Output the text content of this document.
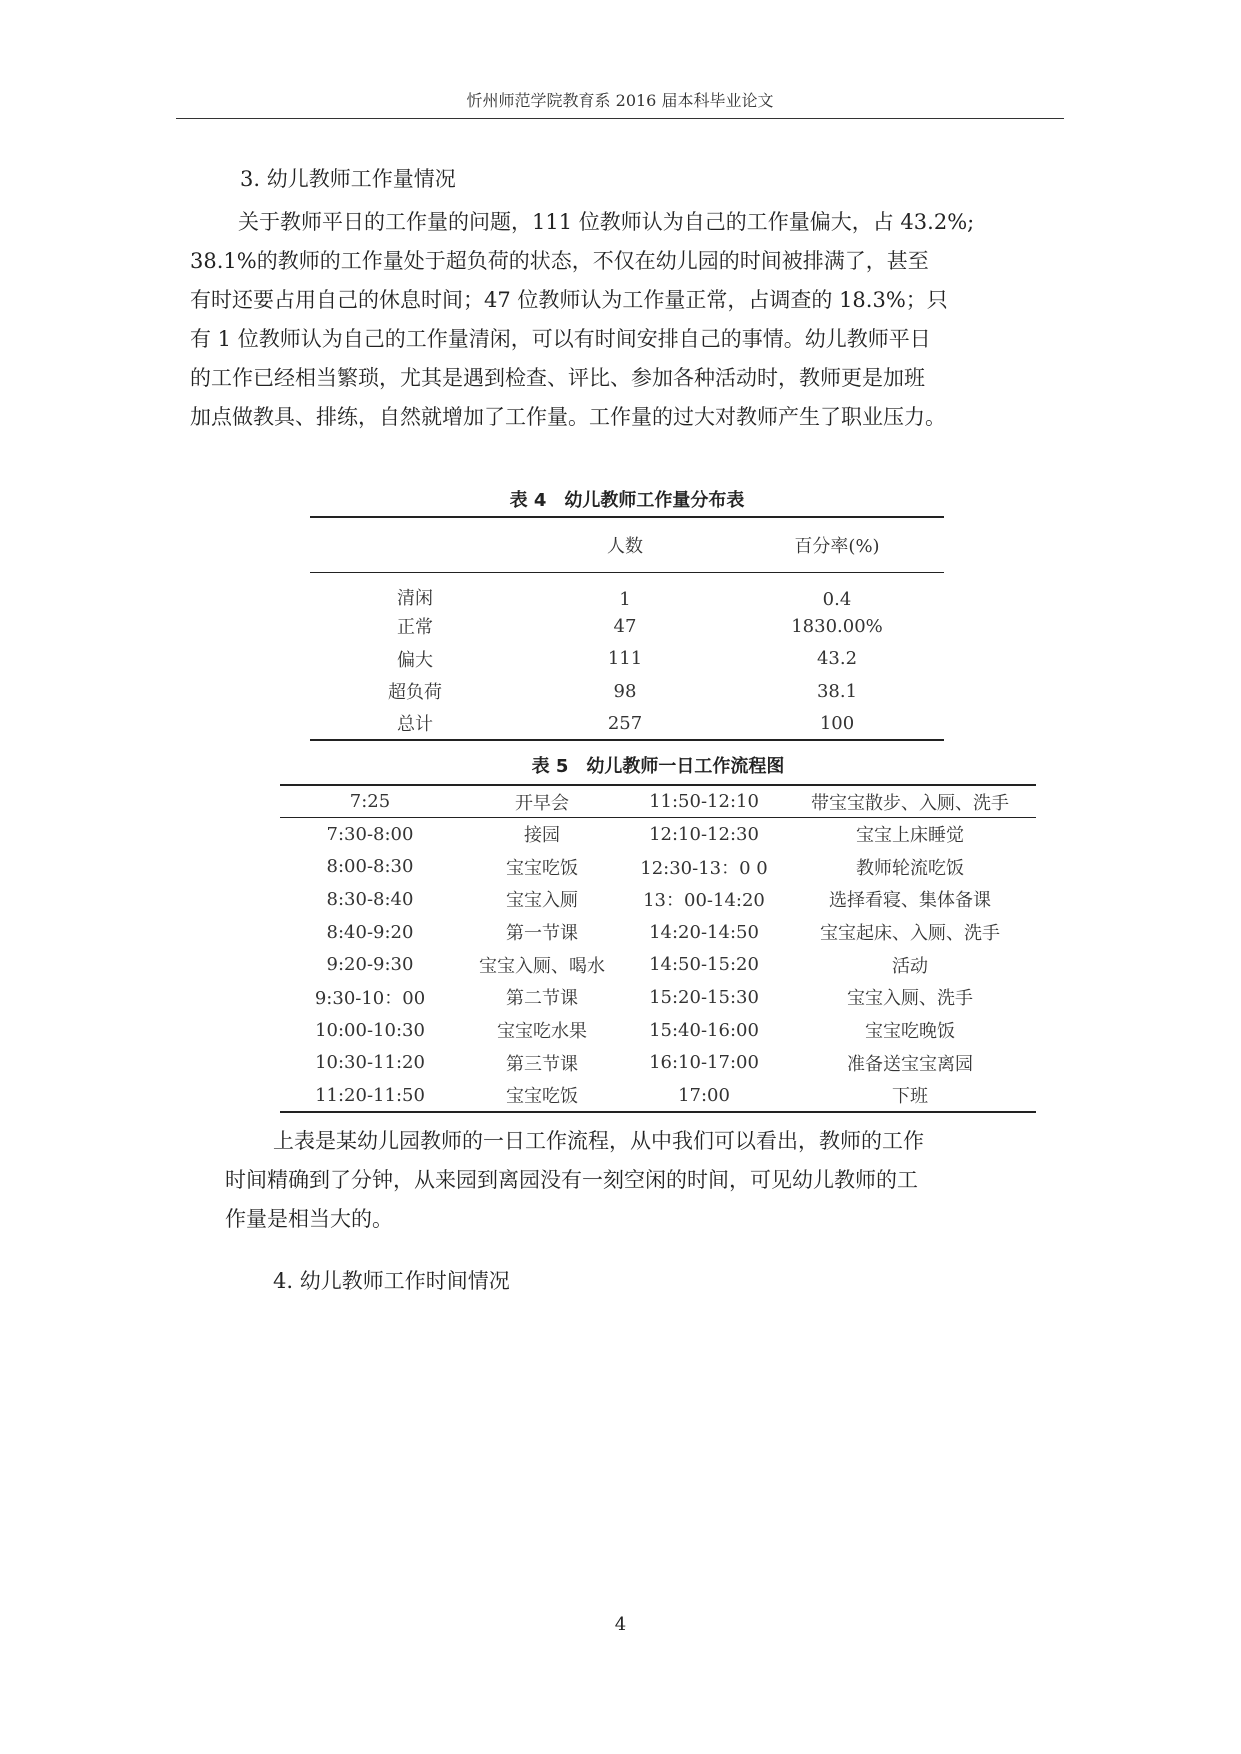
忻州师范学院教育系 2016 届本科毕业论文
3. 幼儿教师工作量情况
关于教师平日的工作量的问题，111 位教师认为自己的工作量偏大，占 43.2%;
38.1%的教师的工作量处于超负荷的状态，不仅在幼儿园的时间被排满了，甚至
有时还要占用自己的休息时间；47 位教师认为工作量正常，占调查的 18.3%；只
有 1 位教师认为自己的工作量清闲，可以有时间安排自己的事情。幼儿教师平日
的工作已经相当繁琐，尤其是遇到检查、评比、参加各种活动时，教师更是加班
加点做教具、排练，自然就增加了工作量。工作量的过大对教师产生了职业压力。
表 4　幼儿教师工作量分布表
	人数	百分率(%)
清闲	1	0.4
正常	47	1830.00%
偏大	111	43.2
超负荷	98	38.1
总计	257	100
表 5　幼儿教师一日工作流程图
7:25	开早会	11:50-12:10	带宝宝散步、入厕、洗手
7:30-8:00	接园	12:10-12:30	宝宝上床睡觉
8:00-8:30	宝宝吃饭	12:30-13：0 0	教师轮流吃饭
8:30-8:40	宝宝入厕	13：00-14:20	选择看寝、集体备课
8:40-9:20	第一节课	14:20-14:50	宝宝起床、入厕、洗手
9:20-9:30	宝宝入厕、喝水	14:50-15:20	活动
9:30-10：00	第二节课	15:20-15:30	宝宝入厕、洗手
10:00-10:30	宝宝吃水果	15:40-16:00	宝宝吃晚饭
10:30-11:20	第三节课	16:10-17:00	准备送宝宝离园
11:20-11:50	宝宝吃饭	17:00	下班
上表是某幼儿园教师的一日工作流程，从中我们可以看出，教师的工作
时间精确到了分钟，从来园到离园没有一刻空闲的时间，可见幼儿教师的工
作量是相当大的。
4. 幼儿教师工作时间情况
4
